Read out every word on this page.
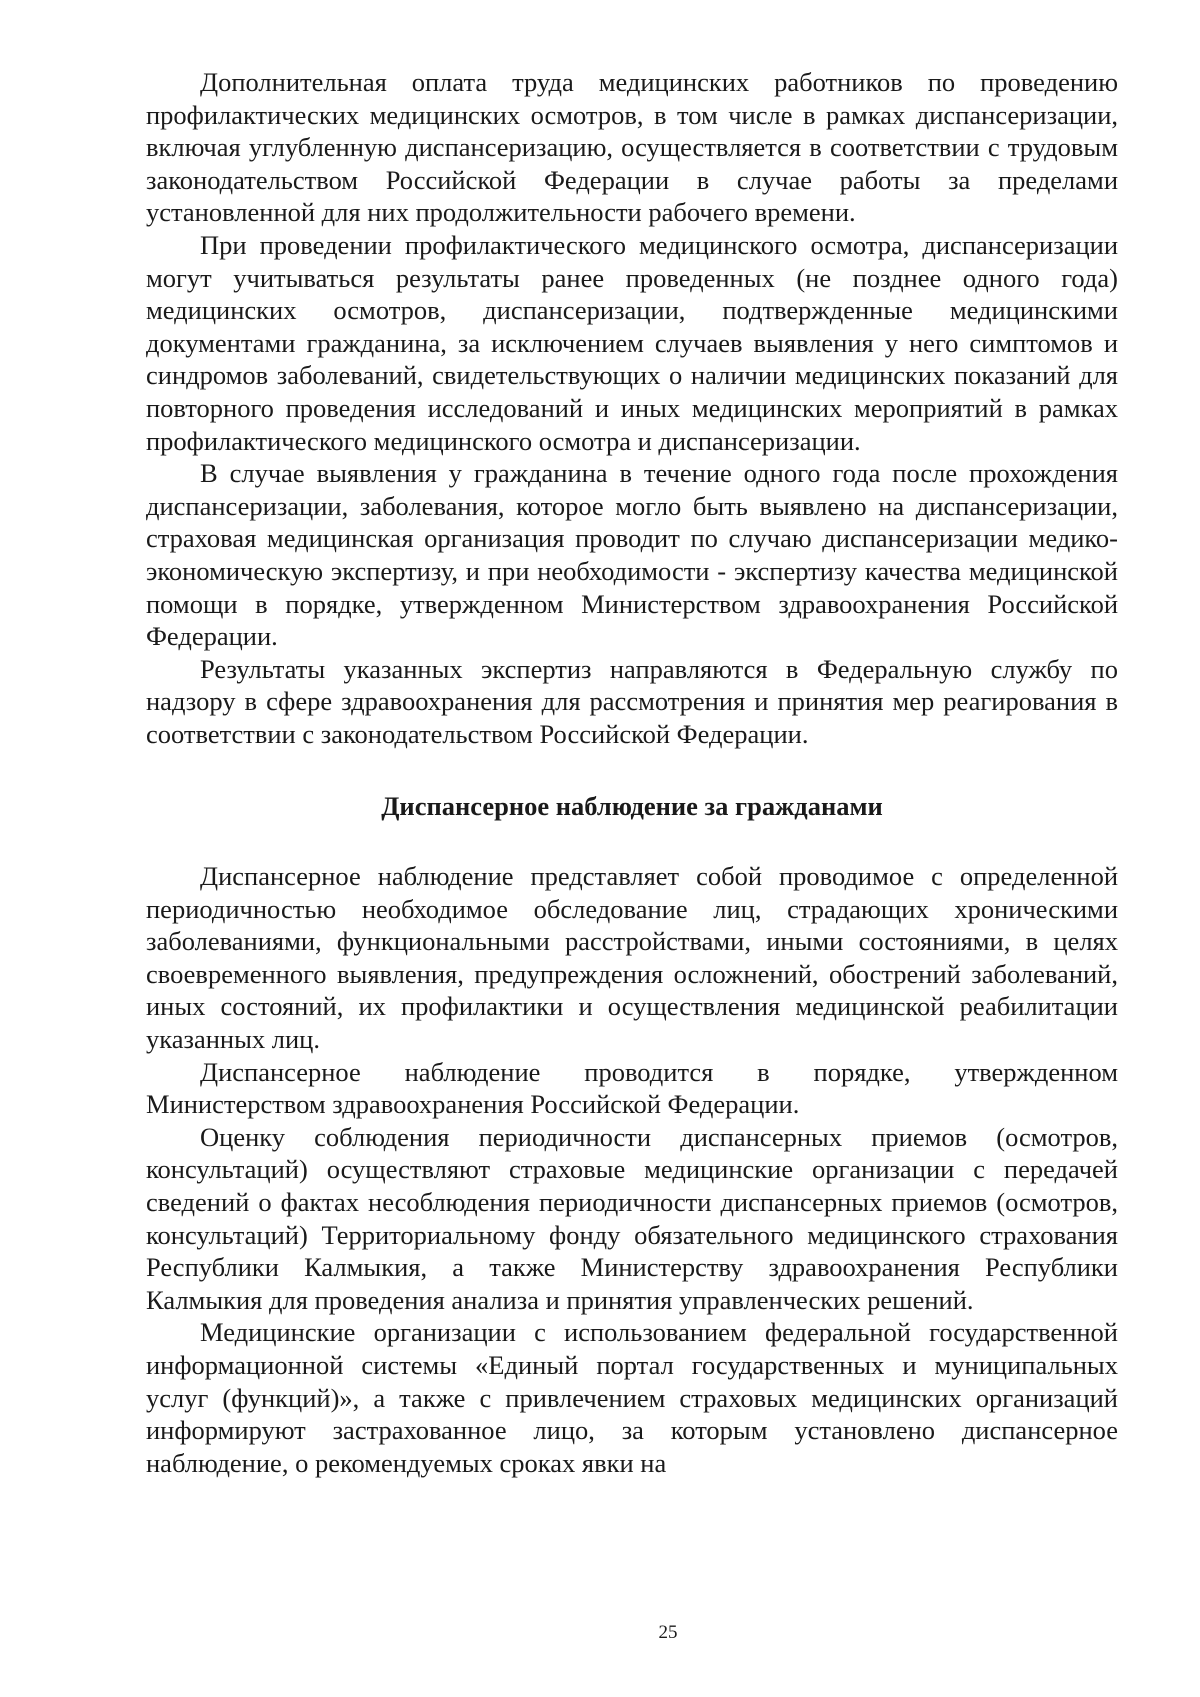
Дополнительная оплата труда медицинских работников по проведению профилактических медицинских осмотров, в том числе в рамках диспансеризации, включая углубленную диспансеризацию, осуществляется в соответствии с трудовым законодательством Российской Федерации в случае работы за пределами установленной для них продолжительности рабочего времени.

При проведении профилактического медицинского осмотра, диспансеризации могут учитываться результаты ранее проведенных (не позднее одного года) медицинских осмотров, диспансеризации, подтвержденные медицинскими документами гражданина, за исключением случаев выявления у него симптомов и синдромов заболеваний, свидетельствующих о наличии медицинских показаний для повторного проведения исследований и иных медицинских мероприятий в рамках профилактического медицинского осмотра и диспансеризации.

В случае выявления у гражданина в течение одного года после прохождения диспансеризации, заболевания, которое могло быть выявлено на диспансеризации, страховая медицинская организация проводит по случаю диспансеризации медико-экономическую экспертизу, и при необходимости - экспертизу качества медицинской помощи в порядке, утвержденном Министерством здравоохранения Российской Федерации.

Результаты указанных экспертиз направляются в Федеральную службу по надзору в сфере здравоохранения для рассмотрения и принятия мер реагирования в соответствии с законодательством Российской Федерации.

Диспансерное наблюдение за гражданами

Диспансерное наблюдение представляет собой проводимое с определенной периодичностью необходимое обследование лиц, страдающих хроническими заболеваниями, функциональными расстройствами, иными состояниями, в целях своевременного выявления, предупреждения осложнений, обострений заболеваний, иных состояний, их профилактики и осуществления медицинской реабилитации указанных лиц.

Диспансерное наблюдение проводится в порядке, утвержденном Министерством здравоохранения Российской Федерации.

Оценку соблюдения периодичности диспансерных приемов (осмотров, консультаций) осуществляют страховые медицинские организации с передачей сведений о фактах несоблюдения периодичности диспансерных приемов (осмотров, консультаций) Территориальному фонду обязательного медицинского страхования Республики Калмыкия, а также Министерству здравоохранения Республики Калмыкия для проведения анализа и принятия управленческих решений.

Медицинские организации с использованием федеральной государственной информационной системы «Единый портал государственных и муниципальных услуг (функций)», а также с привлечением страховых медицинских организаций информируют застрахованное лицо, за которым установлено диспансерное наблюдение, о рекомендуемых сроках явки на

25
